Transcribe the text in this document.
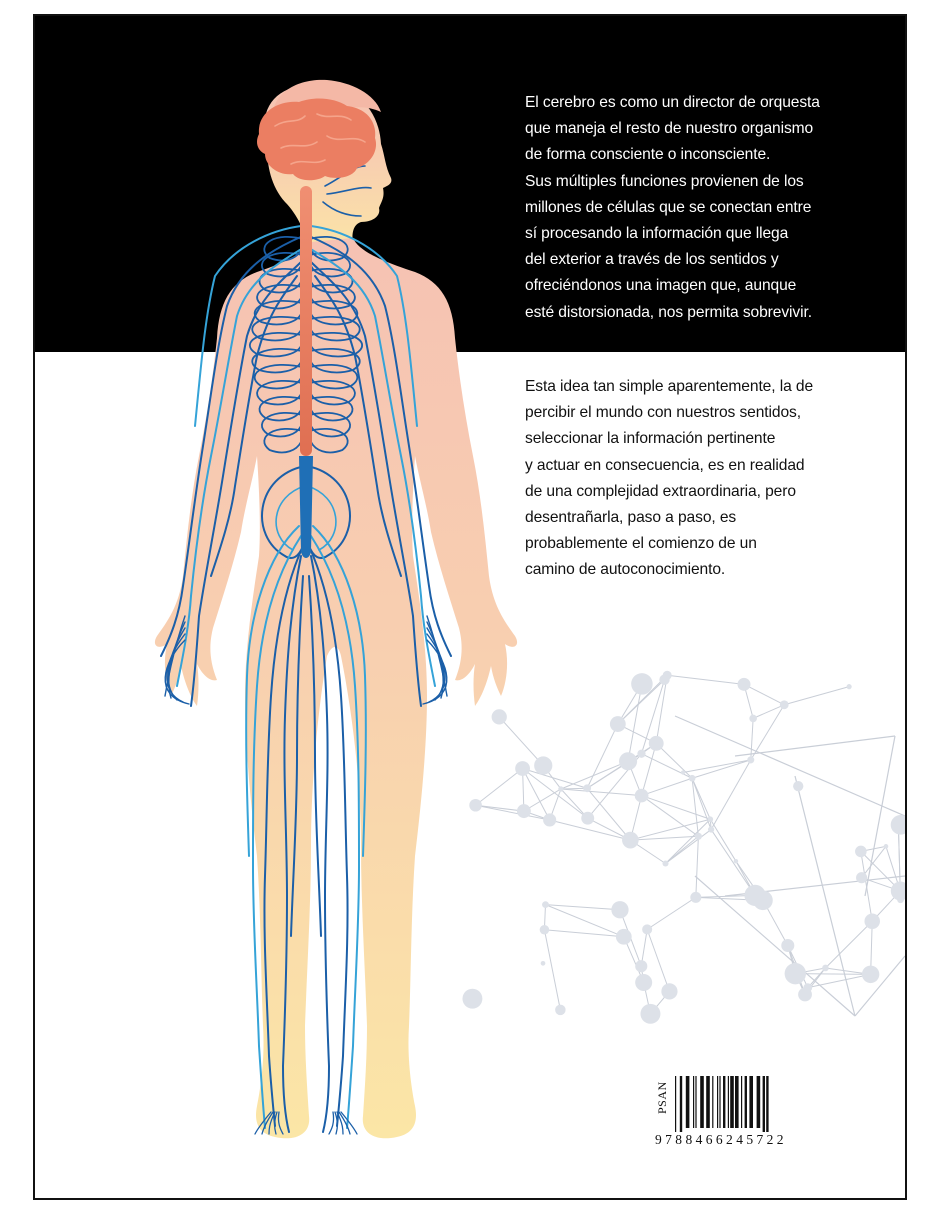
El cerebro es como un director de orquesta
que maneja el resto de nuestro organismo
de forma consciente o inconsciente.
Sus múltiples funciones provienen de los
millones de células que se conectan entre
sí procesando la información que llega
del exterior a través de los sentidos y
ofreciéndonos una imagen que, aunque
esté distorsionada, nos permita sobrevivir.

Esta idea tan simple aparentemente, la de
percibir el mundo con nuestros sentidos,
seleccionar la información pertinente
y actuar en consecuencia, es en realidad
de una complejidad extraordinaria, pero
desentrañarla, paso a paso, es
probablemente el comienzo de un
camino de autoconocimiento.

PSAN
9788466245722
